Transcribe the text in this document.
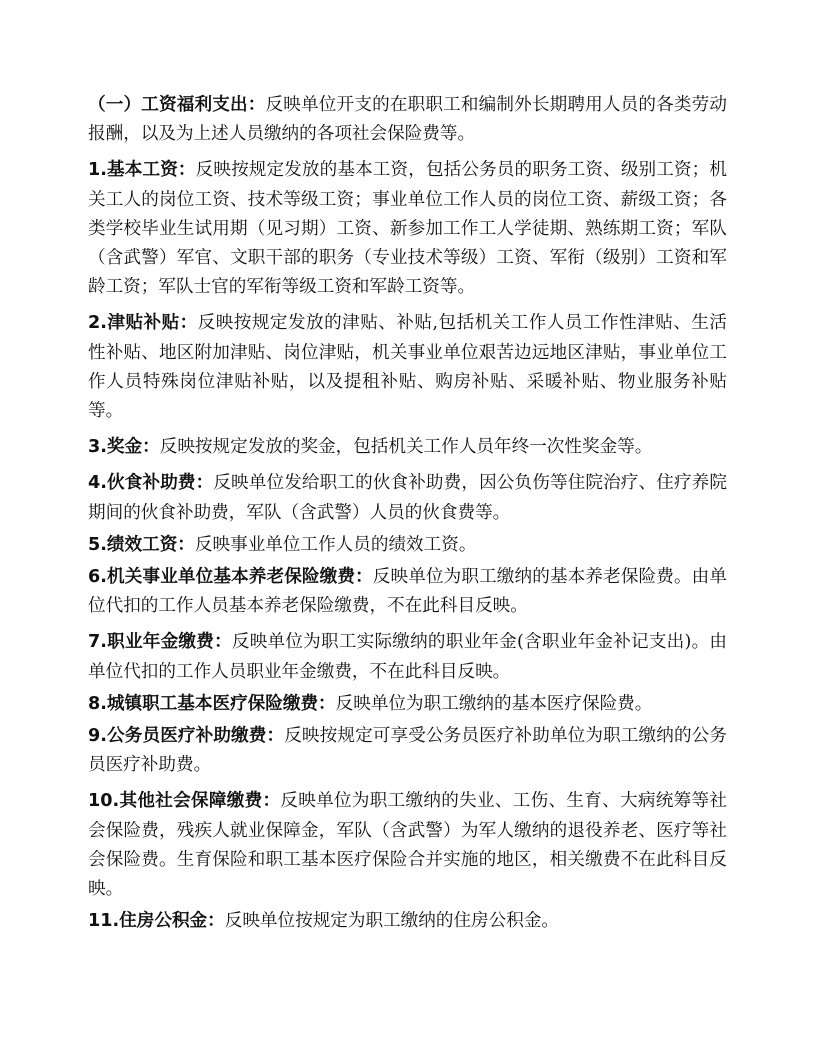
（一）工资福利支出：反映单位开支的在职职工和编制外长期聘用人员的各类劳动报酬，以及为上述人员缴纳的各项社会保险费等。

1.基本工资：反映按规定发放的基本工资，包括公务员的职务工资、级别工资；机关工人的岗位工资、技术等级工资；事业单位工作人员的岗位工资、薪级工资；各类学校毕业生试用期（见习期）工资、新参加工作工人学徒期、熟练期工资；军队（含武警）军官、文职干部的职务（专业技术等级）工资、军衔（级别）工资和军龄工资；军队士官的军衔等级工资和军龄工资等。

2.津贴补贴：反映按规定发放的津贴、补贴,包括机关工作人员工作性津贴、生活性补贴、地区附加津贴、岗位津贴，机关事业单位艰苦边远地区津贴，事业单位工作人员特殊岗位津贴补贴，以及提租补贴、购房补贴、采暖补贴、物业服务补贴等。

3.奖金：反映按规定发放的奖金，包括机关工作人员年终一次性奖金等。

4.伙食补助费：反映单位发给职工的伙食补助费，因公负伤等住院治疗、住疗养院期间的伙食补助费，军队（含武警）人员的伙食费等。

5.绩效工资：反映事业单位工作人员的绩效工资。

6.机关事业单位基本养老保险缴费：反映单位为职工缴纳的基本养老保险费。由单位代扣的工作人员基本养老保险缴费，不在此科目反映。

7.职业年金缴费：反映单位为职工实际缴纳的职业年金(含职业年金补记支出)。由单位代扣的工作人员职业年金缴费，不在此科目反映。

8.城镇职工基本医疗保险缴费：反映单位为职工缴纳的基本医疗保险费。

9.公务员医疗补助缴费：反映按规定可享受公务员医疗补助单位为职工缴纳的公务员医疗补助费。

10.其他社会保障缴费：反映单位为职工缴纳的失业、工伤、生育、大病统筹等社会保险费，残疾人就业保障金，军队（含武警）为军人缴纳的退役养老、医疗等社会保险费。生育保险和职工基本医疗保险合并实施的地区，相关缴费不在此科目反映。

11.住房公积金：反映单位按规定为职工缴纳的住房公积金。
